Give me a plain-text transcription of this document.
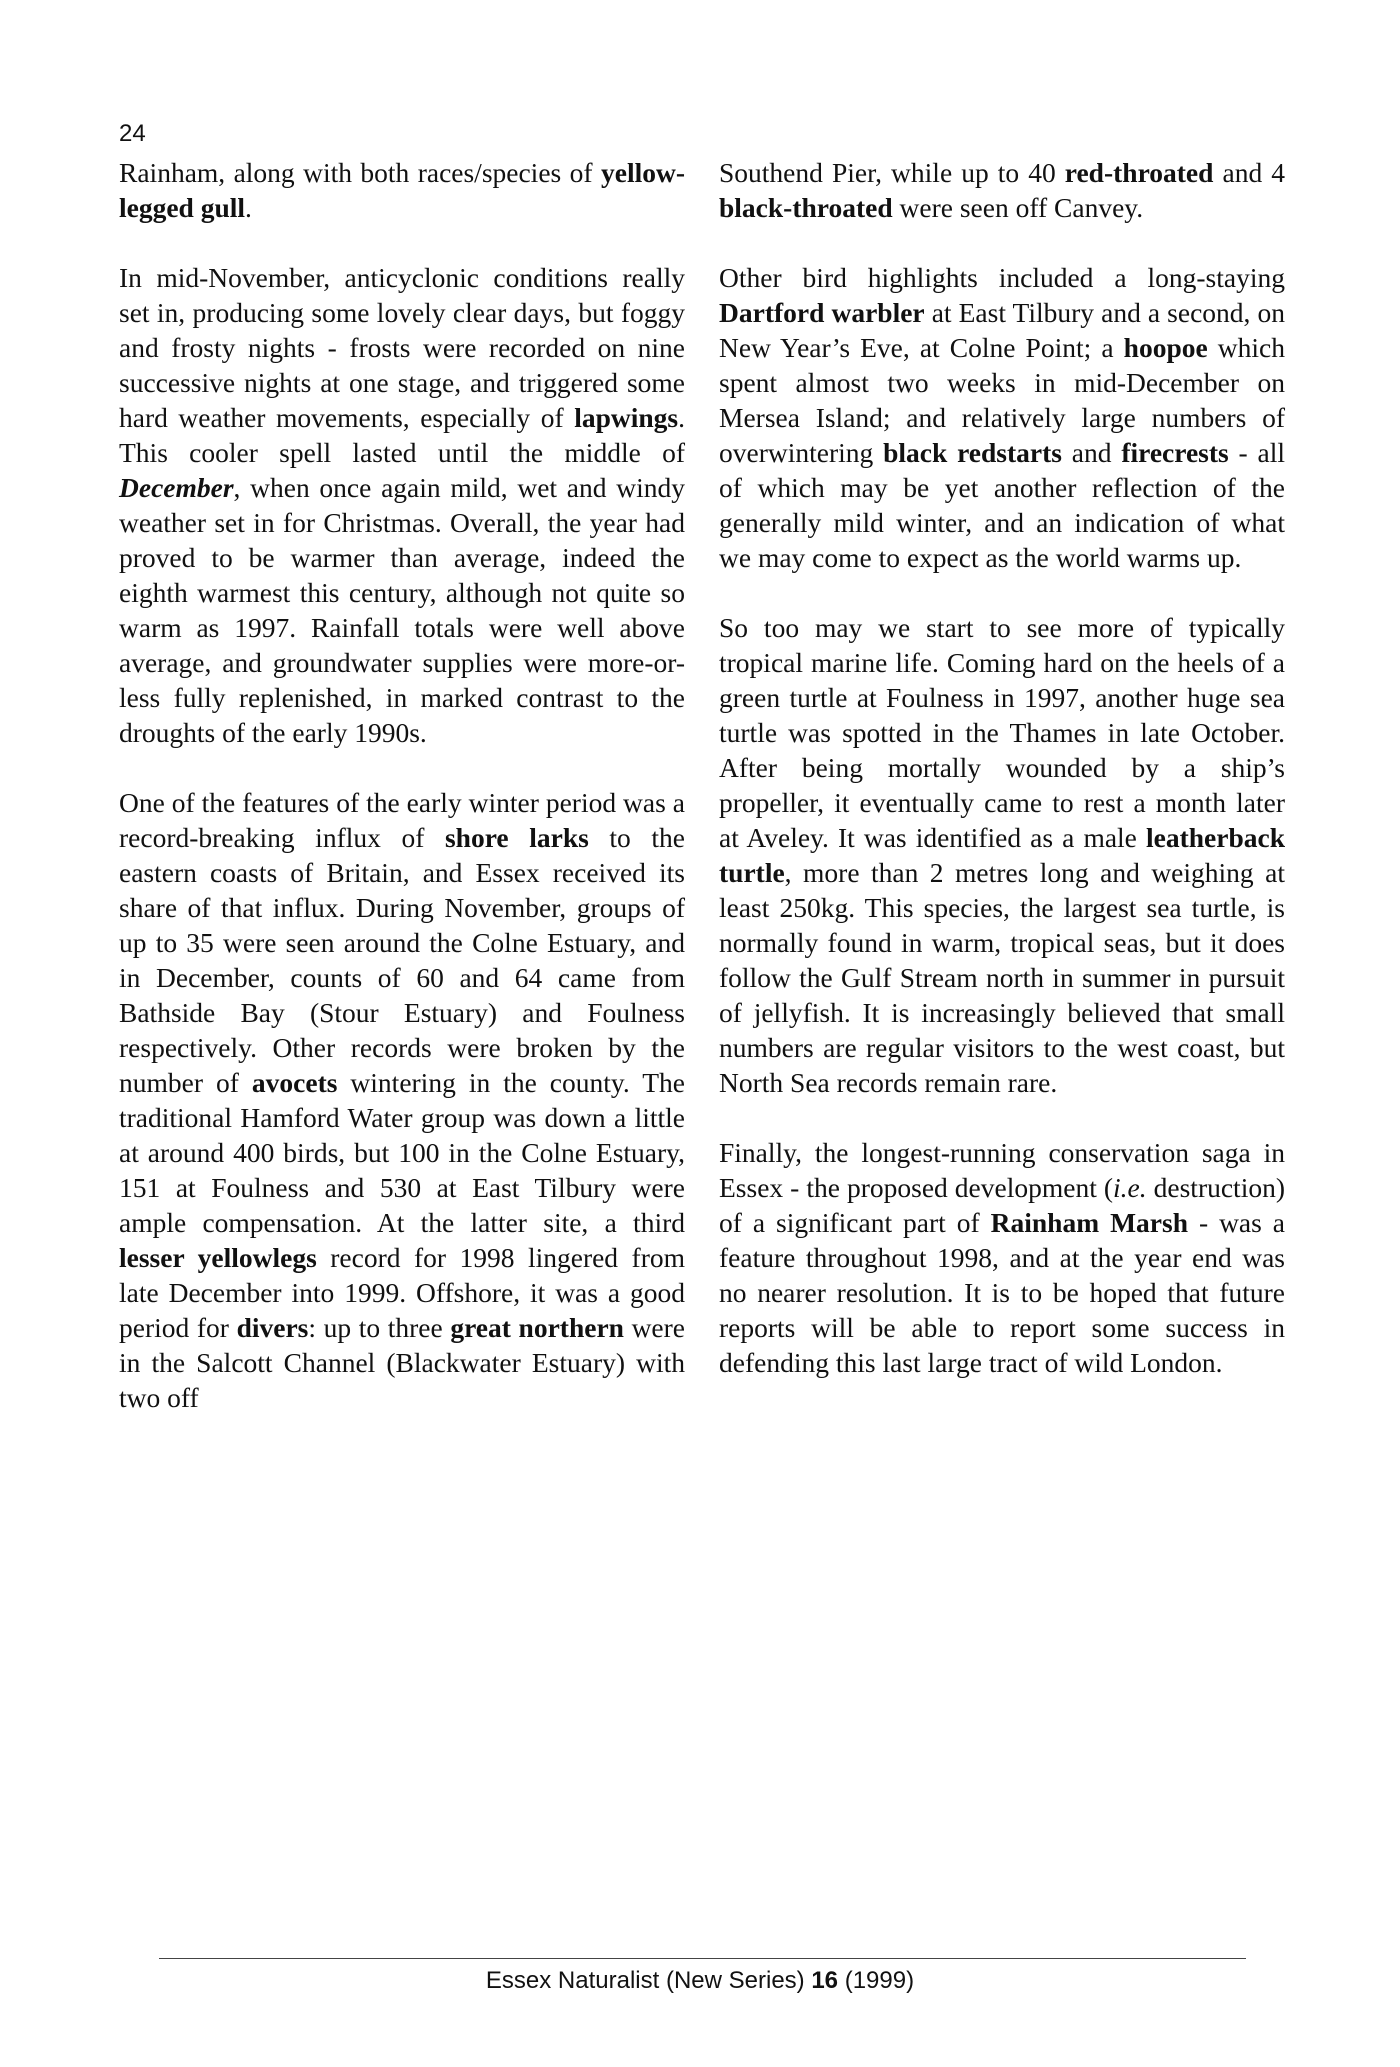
24

Rainham, along with both races/species of yellow-legged gull.

In mid-November, anticyclonic conditions really set in, producing some lovely clear days, but foggy and frosty nights - frosts were recorded on nine successive nights at one stage, and triggered some hard weather movements, especially of lapwings. This cooler spell lasted until the middle of December, when once again mild, wet and windy weather set in for Christmas. Overall, the year had proved to be warmer than average, indeed the eighth warmest this century, although not quite so warm as 1997. Rainfall totals were well above average, and groundwater supplies were more-or-less fully replenished, in marked contrast to the droughts of the early 1990s.

One of the features of the early winter period was a record-breaking influx of shore larks to the eastern coasts of Britain, and Essex received its share of that influx. During November, groups of up to 35 were seen around the Colne Estuary, and in December, counts of 60 and 64 came from Bathside Bay (Stour Estuary) and Foulness respectively. Other records were broken by the number of avocets wintering in the county. The traditional Hamford Water group was down a little at around 400 birds, but 100 in the Colne Estuary, 151 at Foulness and 530 at East Tilbury were ample compensation. At the latter site, a third lesser yellowlegs record for 1998 lingered from late December into 1999. Offshore, it was a good period for divers: up to three great northern were in the Salcott Channel (Blackwater Estuary) with two off

Southend Pier, while up to 40 red-throated and 4 black-throated were seen off Canvey.

Other bird highlights included a long-staying Dartford warbler at East Tilbury and a second, on New Year’s Eve, at Colne Point; a hoopoe which spent almost two weeks in mid-December on Mersea Island; and relatively large numbers of overwintering black redstarts and firecrests - all of which may be yet another reflection of the generally mild winter, and an indication of what we may come to expect as the world warms up.

So too may we start to see more of typically tropical marine life. Coming hard on the heels of a green turtle at Foulness in 1997, another huge sea turtle was spotted in the Thames in late October. After being mortally wounded by a ship’s propeller, it eventually came to rest a month later at Aveley. It was identified as a male leatherback turtle, more than 2 metres long and weighing at least 250kg. This species, the largest sea turtle, is normally found in warm, tropical seas, but it does follow the Gulf Stream north in summer in pursuit of jellyfish. It is increasingly believed that small numbers are regular visitors to the west coast, but North Sea records remain rare.

Finally, the longest-running conservation saga in Essex - the proposed development (i.e. destruction) of a significant part of Rainham Marsh - was a feature throughout 1998, and at the year end was no nearer resolution. It is to be hoped that future reports will be able to report some success in defending this last large tract of wild London.

Essex Naturalist (New Series) 16 (1999)
